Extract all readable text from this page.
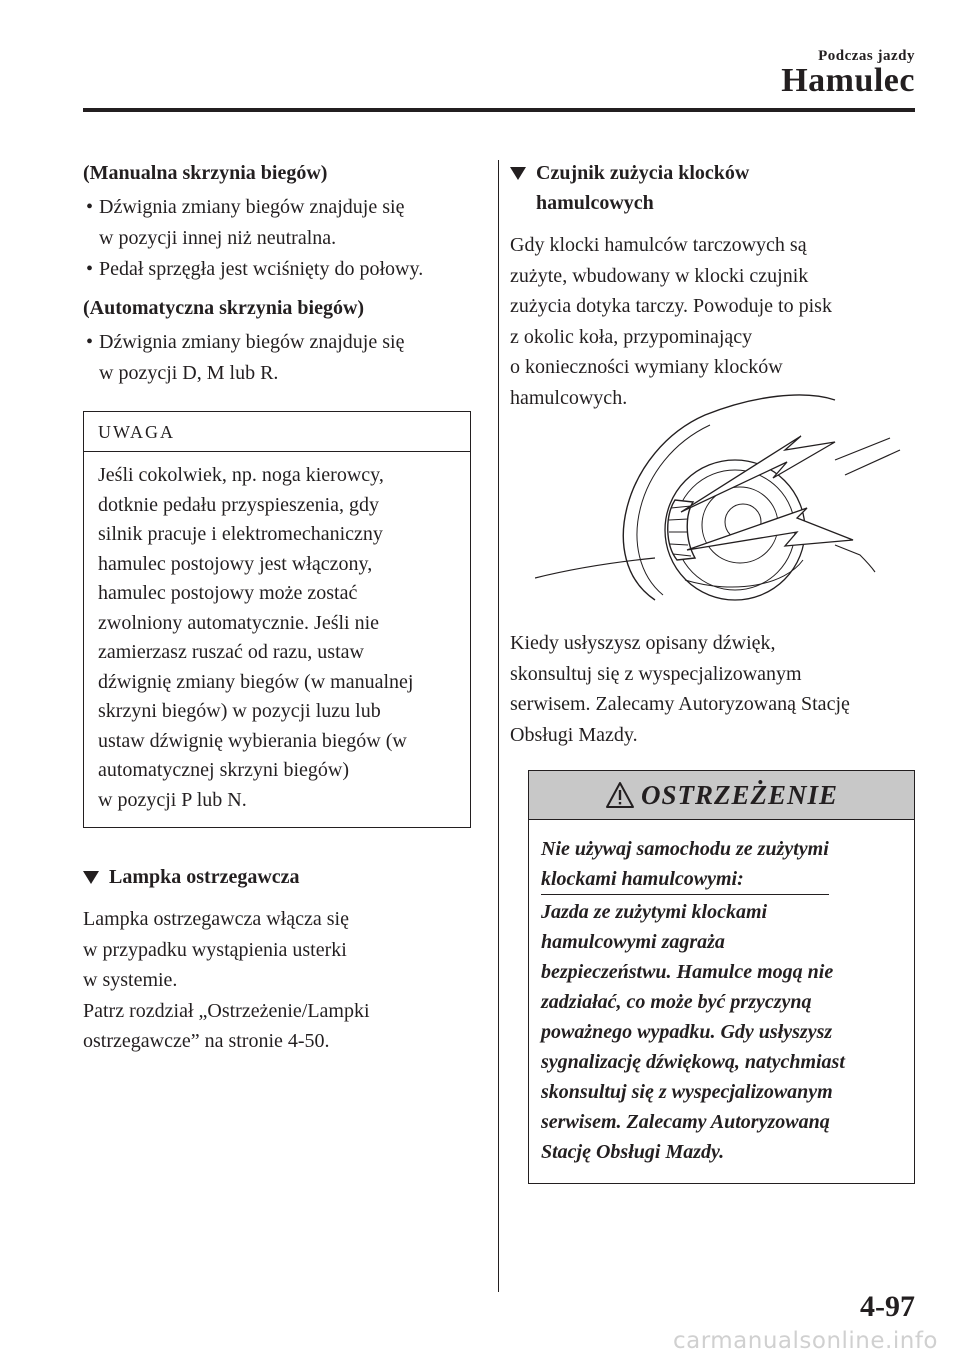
Podczas jazdy
Hamulec
(Manualna skrzynia biegów)
• Dźwignia zmiany biegów znajduje się
w pozycji innej niż neutralna.
• Pedał sprzęgła jest wciśnięty do połowy.
(Automatyczna skrzynia biegów)
• Dźwignia zmiany biegów znajduje się
w pozycji D, M lub R.
UWAGA
Jeśli cokolwiek, np. noga kierowcy,
dotknie pedału przyspieszenia, gdy
silnik pracuje i elektromechaniczny
hamulec postojowy jest włączony,
hamulec postojowy może zostać
zwolniony automatycznie. Jeśli nie
zamierzasz ruszać od razu, ustaw
dźwignię zmiany biegów (w manualnej
skrzyni biegów) w pozycji luzu lub
ustaw dźwignię wybierania biegów (w
automatycznej skrzyni biegów)
w pozycji P lub N.
Lampka ostrzegawcza
Lampka ostrzegawcza włącza się
w przypadku wystąpienia usterki
w systemie.
Patrz rozdział „Ostrzeżenie/Lampki
ostrzegawcze” na stronie 4-50.
Czujnik zużycia klocków
hamulcowych
Gdy klocki hamulców tarczowych są
zużyte, wbudowany w klocki czujnik
zużycia dotyka tarczy. Powoduje to pisk
z okolic koła, przypominający
o konieczności wymiany klocków
hamulcowych.
Kiedy usłyszysz opisany dźwięk,
skonsultuj się z wyspecjalizowanym
serwisem. Zalecamy Autoryzowaną Stację
Obsługi Mazdy.
OSTRZEŻENIE
Nie używaj samochodu ze zużytymi
klockami hamulcowymi:
Jazda ze zużytymi klockami
hamulcowymi zagraża
bezpieczeństwu. Hamulce mogą nie
zadziałać, co może być przyczyną
poważnego wypadku. Gdy usłyszysz
sygnalizację dźwiękową, natychmiast
skonsultuj się z wyspecjalizowanym
serwisem. Zalecamy Autoryzowaną
Stację Obsługi Mazdy.
4-97
carmanualsonline.info
